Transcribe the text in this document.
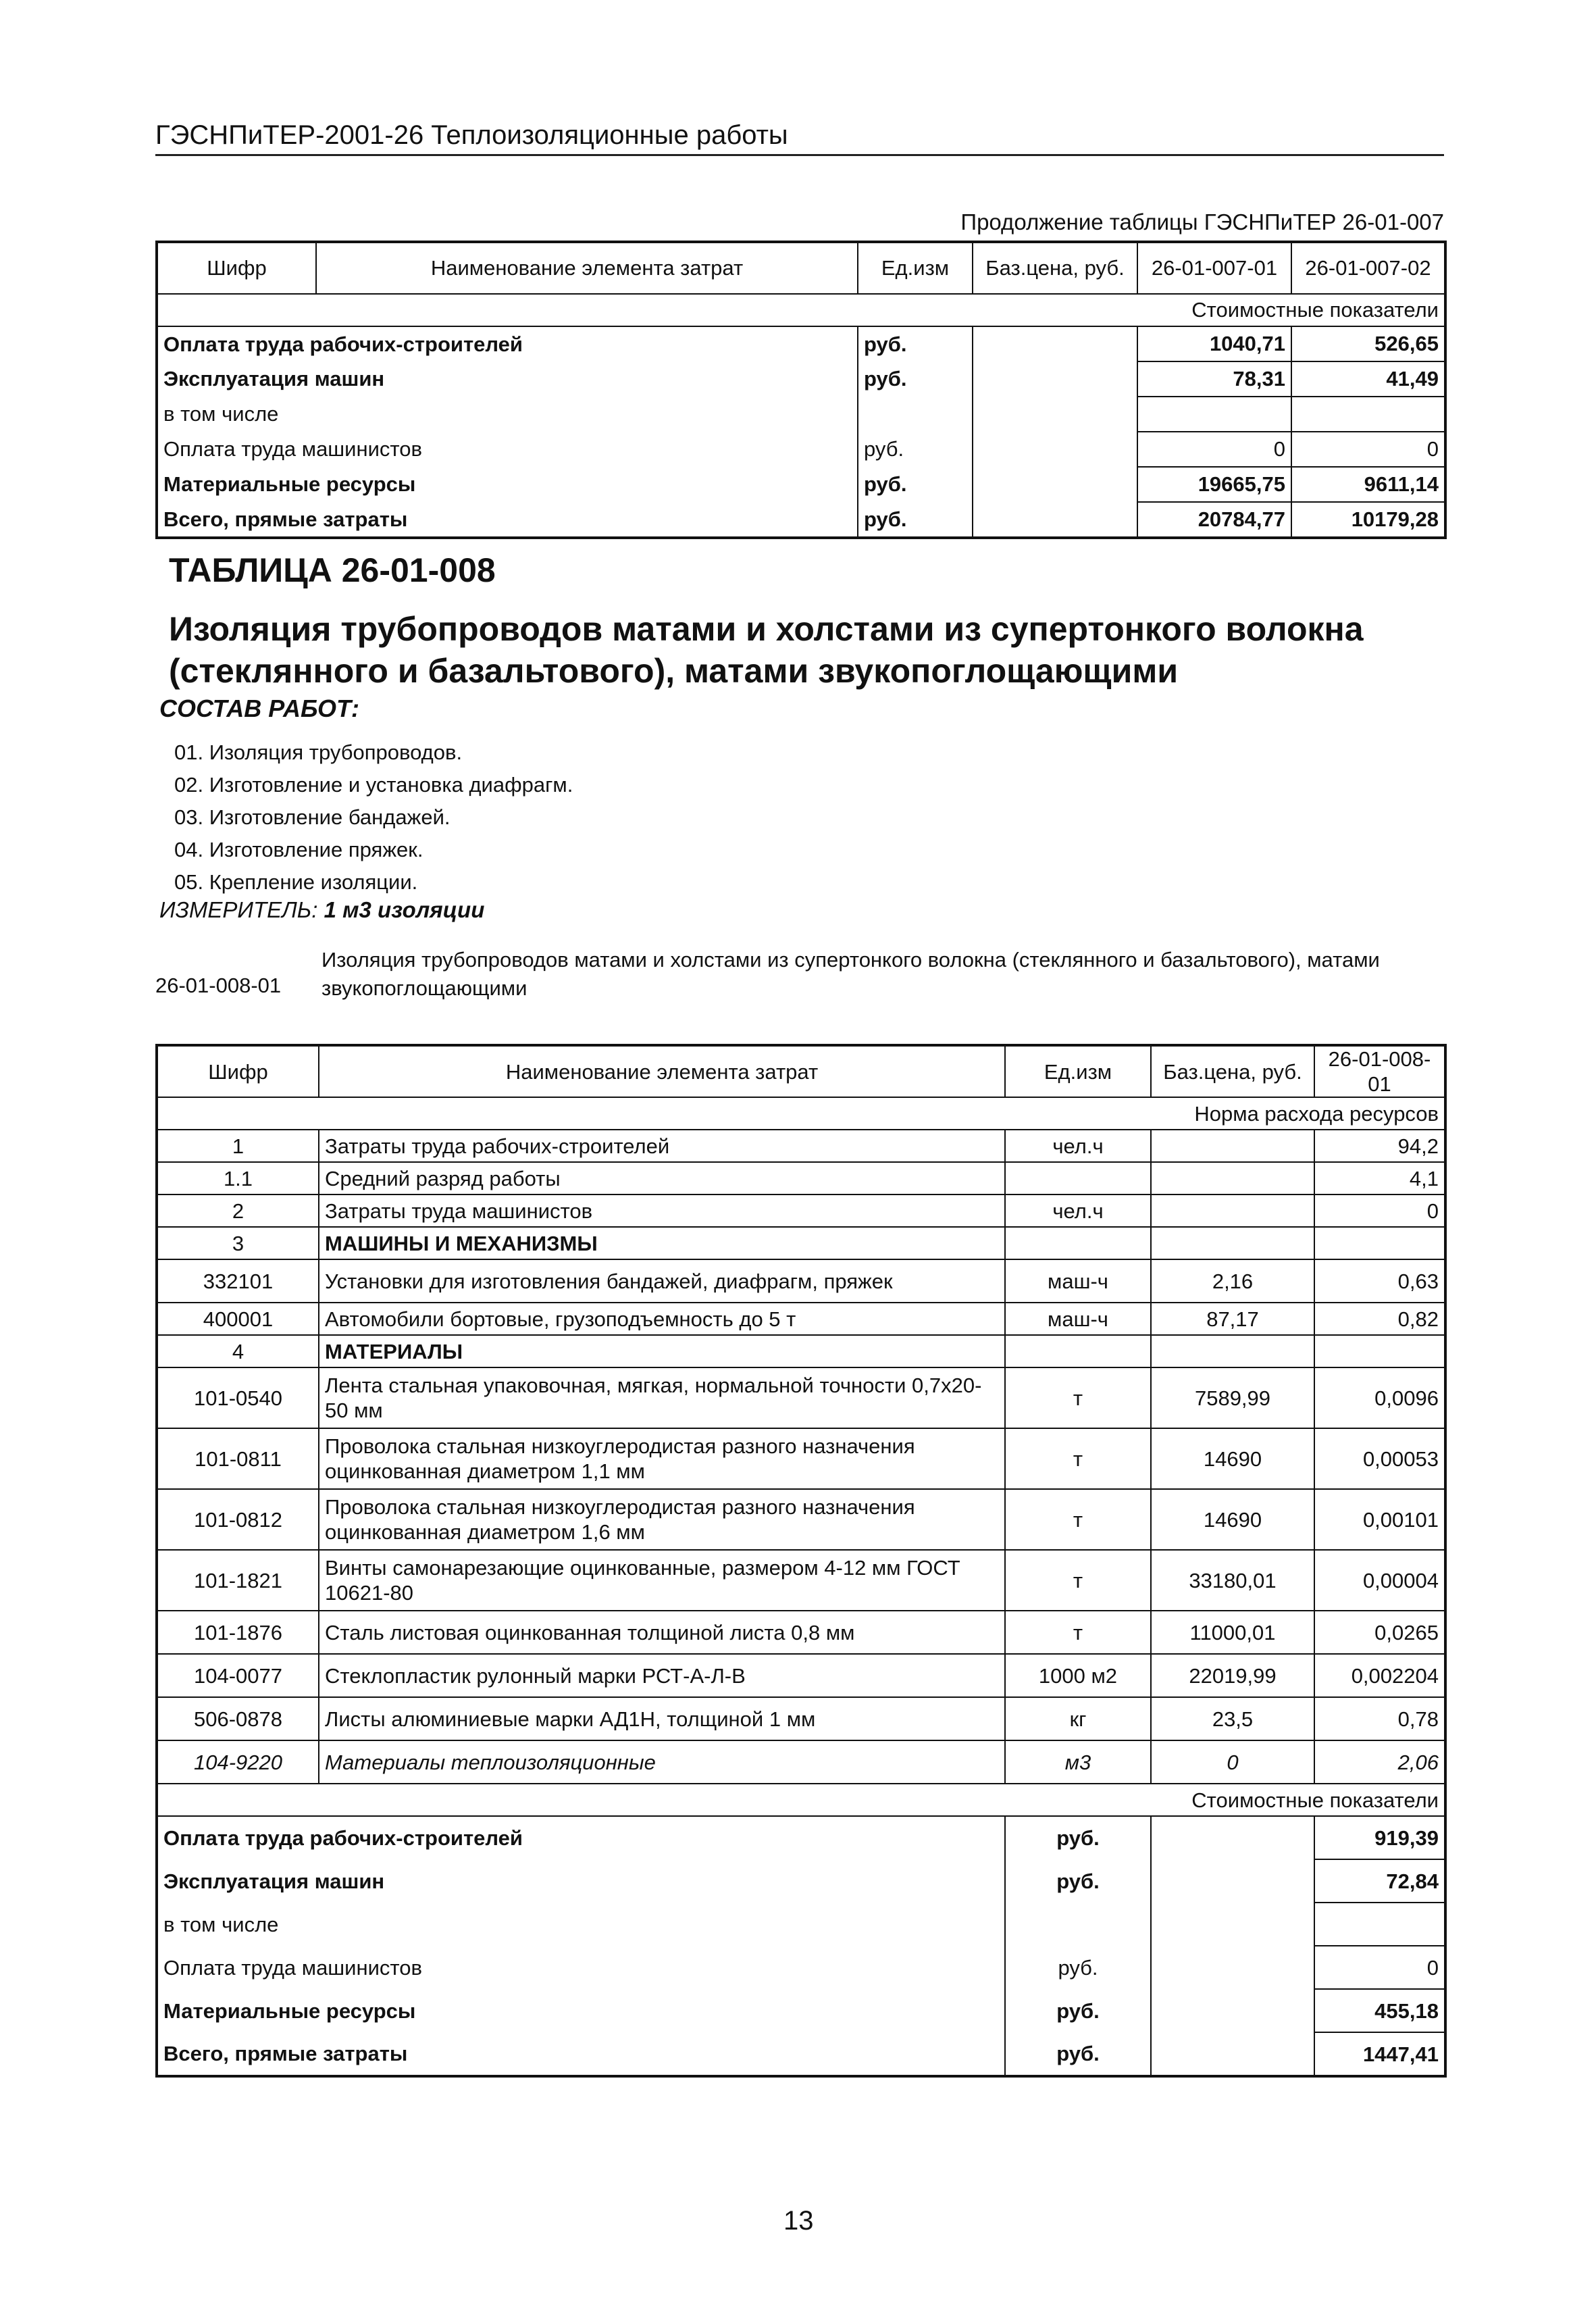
ГЭСНПиТЕР-2001-26 Теплоизоляционные работы
Продолжение таблицы ГЭСНПиТЕР 26-01-007
Шифр	Наименование элемента затрат	Ед.изм	Баз.цена, руб.	26-01-007-01	26-01-007-02
Стоимостные показатели					
Оплата труда рабочих-строителей		руб.		1040,71	526,65
Эксплуатация машин		руб.		78,31	41,49
в том числе					
Оплата труда машинистов		руб.		0	0
Материальные ресурсы		руб.		19665,75	9611,14
Всего, прямые затраты		руб.		20784,77	10179,28
ТАБЛИЦА 26-01-008
Изоляция трубопроводов матами и холстами из супертонкого волокна (стеклянного и базальтового), матами звукопоглощающими
СОСТАВ РАБОТ:
01. Изоляция трубопроводов.
02. Изготовление и установка диафрагм.
03. Изготовление бандажей.
04. Изготовление пряжек.
05. Крепление изоляции.
ИЗМЕРИТЕЛЬ: 1 м3 изоляции
26-01-008-01
Изоляция трубопроводов матами и холстами из супертонкого волокна (стеклянного и базальтового), матами звукопоглощающими
Шифр	Наименование элемента затрат	Ед.изм	Баз.цена, руб.	26-01-008-01
Норма расхода ресурсов				
1	Затраты труда рабочих-строителей	чел.ч		94,2
1.1	Средний разряд работы			4,1
2	Затраты труда машинистов	чел.ч		0
3	МАШИНЫ И МЕХАНИЗМЫ			
332101	Установки для изготовления бандажей, диафрагм, пряжек	маш-ч	2,16	0,63
400001	Автомобили бортовые, грузоподъемность до 5 т	маш-ч	87,17	0,82
4	МАТЕРИАЛЫ			
101-0540	Лента стальная упаковочная, мягкая, нормальной точности 0,7х20-50 мм	т	7589,99	0,0096
101-0811	Проволока стальная низкоуглеродистая разного назначения оцинкованная диаметром 1,1 мм	т	14690	0,00053
101-0812	Проволока стальная низкоуглеродистая разного назначения оцинкованная диаметром 1,6 мм	т	14690	0,00101
101-1821	Винты самонарезающие оцинкованные, размером 4-12 мм ГОСТ 10621-80	т	33180,01	0,00004
101-1876	Сталь листовая оцинкованная толщиной листа 0,8 мм	т	11000,01	0,0265
104-0077	Стеклопластик рулонный марки РСТ-А-Л-В	1000 м2	22019,99	0,002204
506-0878	Листы алюминиевые марки АД1Н, толщиной 1 мм	кг	23,5	0,78
104-9220	Материалы теплоизоляционные	м3	0	2,06
Стоимостные показатели				
Оплата труда рабочих-строителей		руб.		919,39
Эксплуатация машин		руб.		72,84
в том числе				
Оплата труда машинистов		руб.		0
Материальные ресурсы		руб.		455,18
Всего, прямые затраты		руб.		1447,41
13
